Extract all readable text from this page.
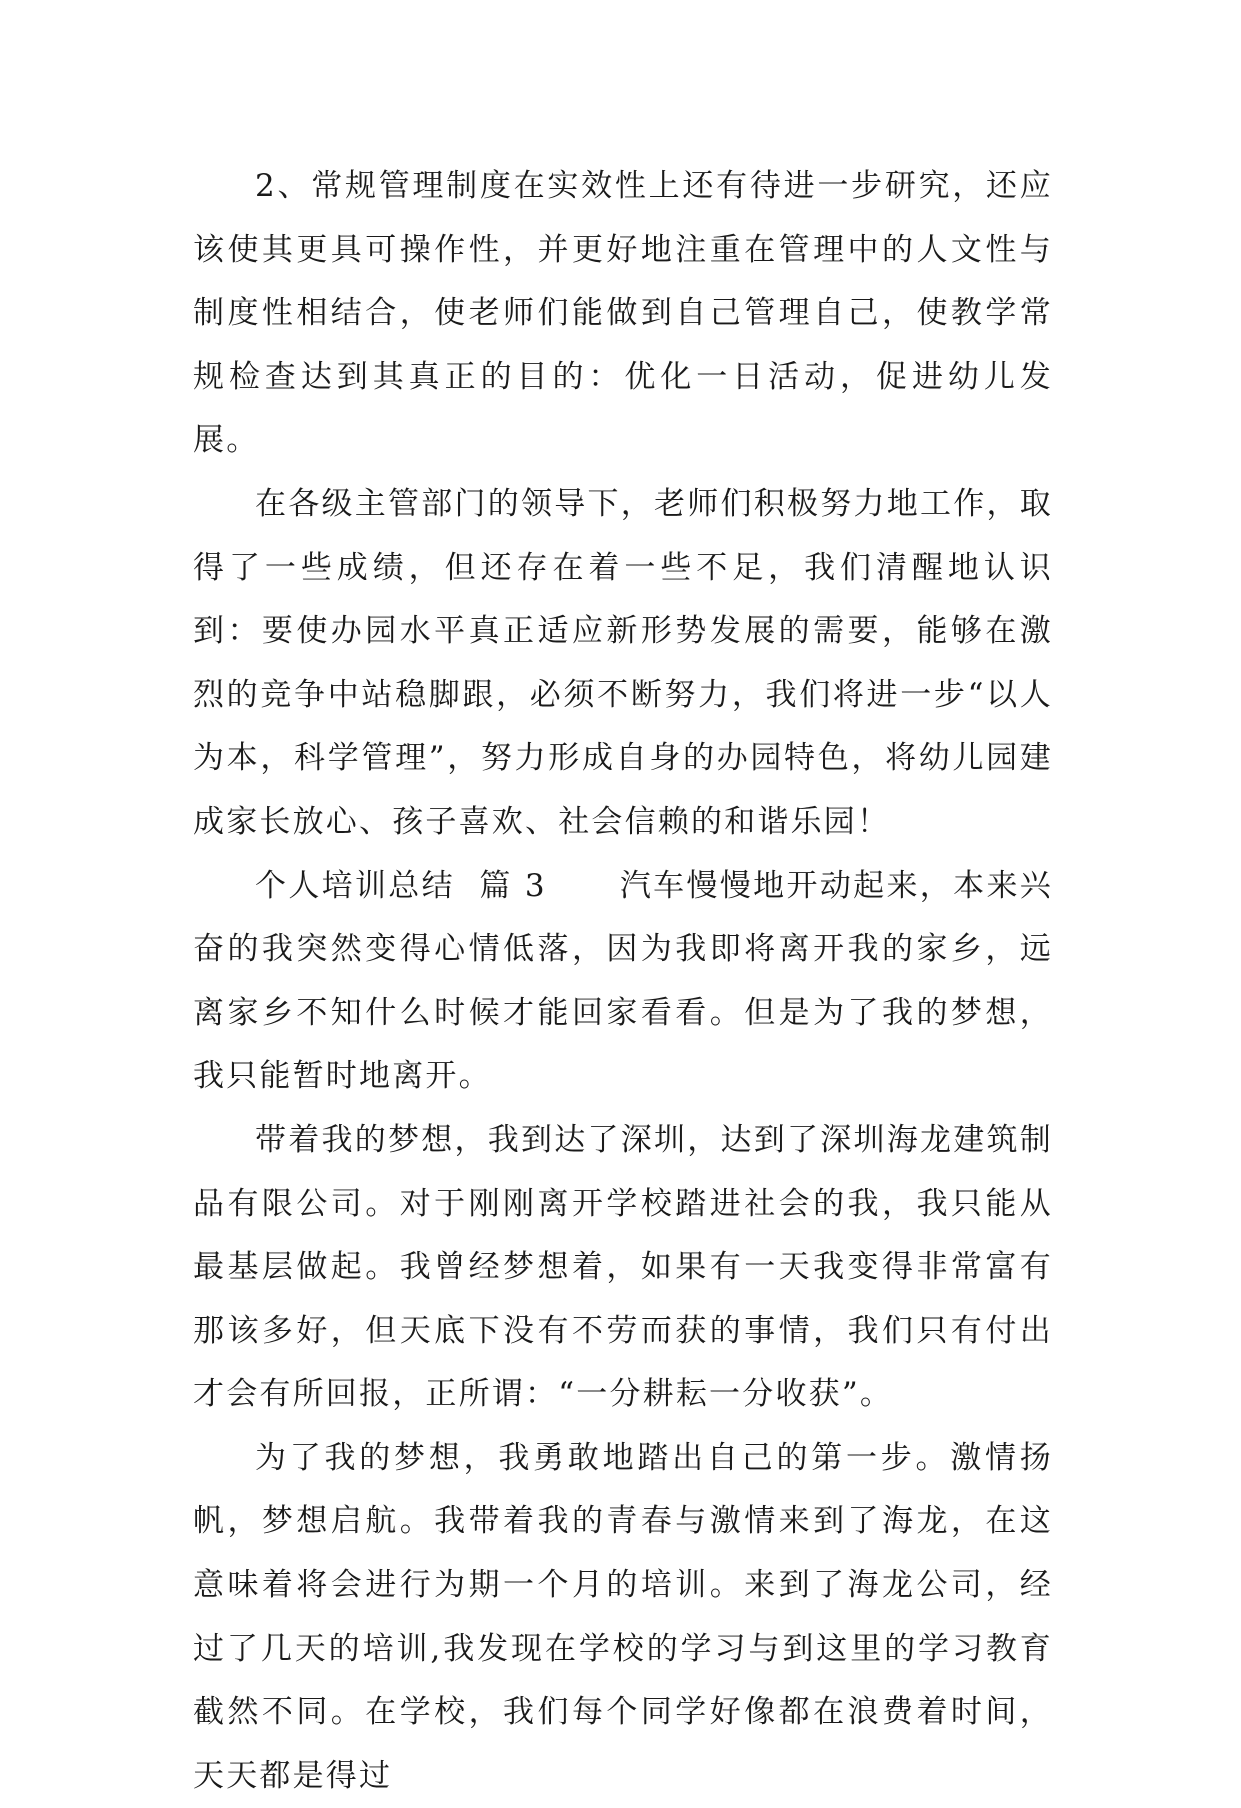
2、常规管理制度在实效性上还有待进一步研究，还应该使其更具可操作性，并更好地注重在管理中的人文性与制度性相结合，使老师们能做到自己管理自己，使教学常规检查达到其真正的目的：优化一日活动，促进幼儿发展。

在各级主管部门的领导下，老师们积极努力地工作，取得了一些成绩，但还存在着一些不足，我们清醒地认识到：要使办园水平真正适应新形势发展的需要，能够在激烈的竞争中站稳脚跟，必须不断努力，我们将进一步“以人为本，科学管理”，努力形成自身的办园特色，将幼儿园建成家长放心、孩子喜欢、社会信赖的和谐乐园！

个人培训总结  篇 3      汽车慢慢地开动起来，本来兴奋的我突然变得心情低落，因为我即将离开我的家乡，远离家乡不知什么时候才能回家看看。但是为了我的梦想，我只能暂时地离开。

带着我的梦想，我到达了深圳，达到了深圳海龙建筑制品有限公司。对于刚刚离开学校踏进社会的我，我只能从最基层做起。我曾经梦想着，如果有一天我变得非常富有那该多好，但天底下没有不劳而获的事情，我们只有付出才会有所回报，正所谓：“一分耕耘一分收获”。

为了我的梦想，我勇敢地踏出自己的第一步。激情扬帆，梦想启航。我带着我的青春与激情来到了海龙，在这意味着将会进行为期一个月的培训。来到了海龙公司，经过了几天的培训,我发现在学校的学习与到这里的学习教育截然不同。在学校，我们每个同学好像都在浪费着时间，天天都是得过
